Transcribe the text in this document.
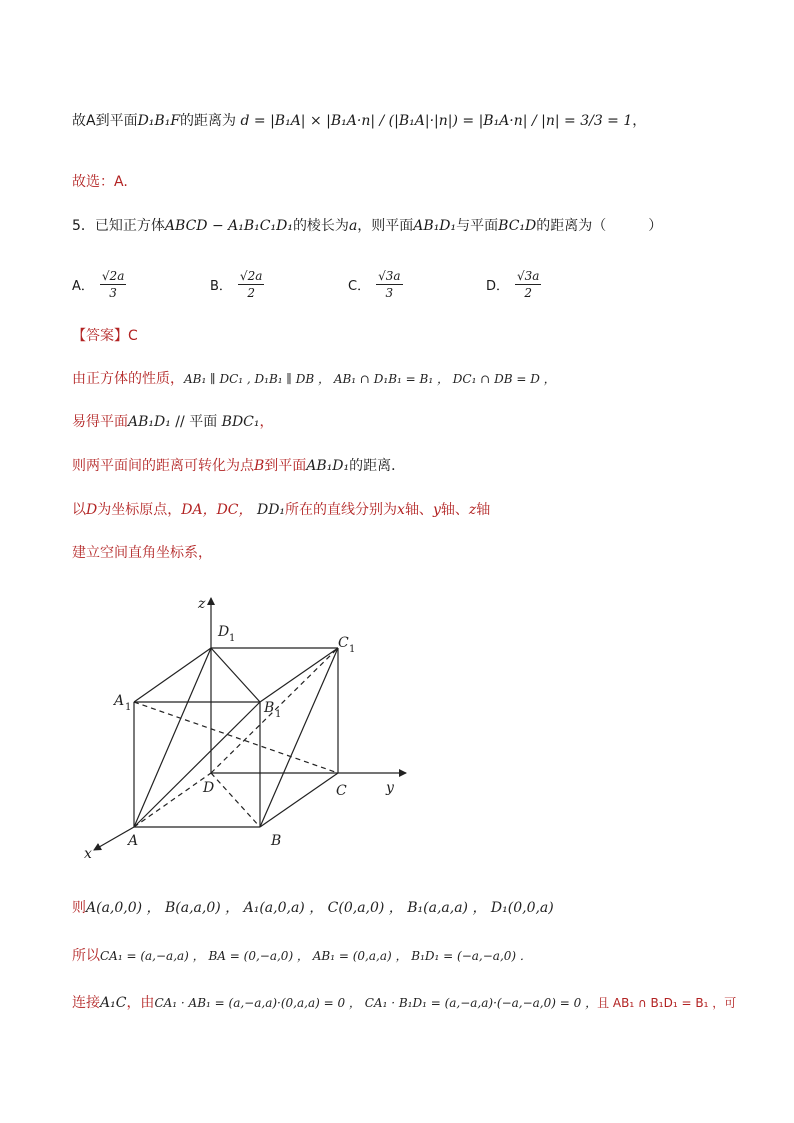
故A到平面D₁B₁F的距离为 d = |B₁A| × |B₁A·n| / (|B₁A|·|n|) = |B₁A·n| / |n| = 3/3 = 1，
故选：A.
5．已知正方体ABCD − A₁B₁C₁D₁的棱长为a，则平面AB₁D₁与平面BC₁D的距离为（　　　）
A． $\frac{√2a}{3}$	B． $\frac{√2a}{2}$	C． $\frac{√3a}{3}$	D． $\frac{√3a}{2}$
【答案】C
由正方体的性质，AB₁ ∥ DC₁ , D₁B₁ ∥ DB ， AB₁ ∩ D₁B₁ = B₁ ， DC₁ ∩ DB = D ，
易得平面AB₁D₁ // 平面 BDC₁，
则两平面间的距离可转化为点B到平面AB₁D₁的距离．
以D为坐标原点，DA，DC， DD₁所在的直线分别为x轴、y轴、z轴
建立空间直角坐标系，
z
y
x
D 1	C 1
A 1	B 1
D	C
A	B
则A(a,0,0) ， B(a,a,0) ， A₁(a,0,a) ， C(0,a,0) ， B₁(a,a,a) ， D₁(0,0,a)
所以CA₁ = (a,−a,a) ， BA = (0,−a,0) ， AB₁ = (0,a,a) ， B₁D₁ = (−a,−a,0) ．
连接A₁C，由CA₁ · AB₁ = (a,−a,a)·(0,a,a) = 0 ， CA₁ · B₁D₁ = (a,−a,a)·(−a,−a,0) = 0 ，且 AB₁ ∩ B₁D₁ = B₁ ，可
